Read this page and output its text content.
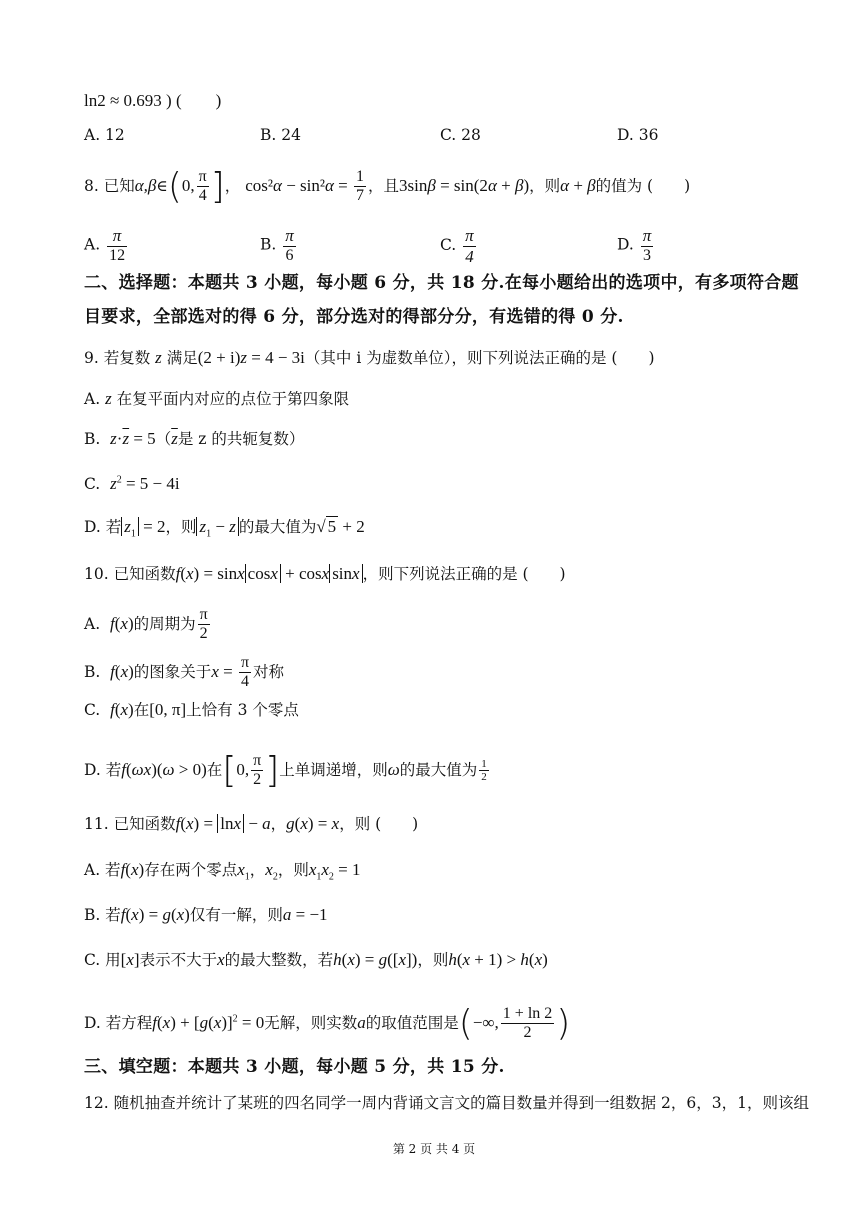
ln2 ≈ 0.693 ) (　　)
A. 12	B. 24	C. 28	D. 36
8. 已知α,β∈(0, $\frac{\pi}{4}$ ]， $\cos^2\alpha - \sin^2\alpha = \frac{1}{7}$ ，且3sinβ = sin(2α + β)，则α + β的值为 (　　)
A. $\frac{\pi}{12}$	B. $\frac{\pi}{6}$	C. $\frac{\pi}{4}$	D. $\frac{\pi}{3}$
二、选择题：本题共 3 小题，每小题 6 分，共 18 分.在每小题给出的选项中，有多项符合题
目要求，全部选对的得 6 分，部分选对的得部分分，有选错的得 0 分.
9. 若复数 z 满足(2 + i)z = 4 − 3i（其中 i 为虚数单位），则下列说法正确的是 (　　)
A. z 在复平面内对应的点位于第四象限
B.  $z\cdot\overline{z} = 5(\overline{z}$是 z 的共轭复数）
C.  $z^2 = 5 - 4i$
D. 若 $z_1 = 2$，则 $z_1 - z$ 的最大值为√ 5 + 2
10. 已知函数f(x) = sinx cosx + cosx sinx ，则下列说法正确的是 (　　)
A.  f(x)的周期为 $\frac{\pi}{2}$
B.  f(x)的图象关于$x = \frac{\pi}{4}$ 对称
C.  f(x)在[0, π]上恰有 3 个零点
D. 若f(ωx)(ω > 0)在[0, $\frac{\pi}{2}$ ]上单调递增，则ω的最大值为 $\frac{1}{2}$
11. 已知函数f(x) = lnx − a，g(x) = x，则 (　　)
A. 若f(x)存在两个零点$x_1$，$x_2$，则$x_1x_2 = 1$
B. 若f(x) = g(x)仅有一解，则a = −1
C. 用[x]表示不大于x的最大整数，若h(x) = g([x])，则h(x + 1) > h(x)
D. 若方程$f(x) + [g(x)]^2 = 0$无解，则实数a的取值范围是(−∞, $\frac{1 + \ln 2}{2}$ )
三、填空题：本题共 3 小题，每小题 5 分，共 15 分.
12. 随机抽查并统计了某班的四名同学一周内背诵文言文的篇目数量并得到一组数据 2，6，3，1，则该组
第 2 页 共 4 页
